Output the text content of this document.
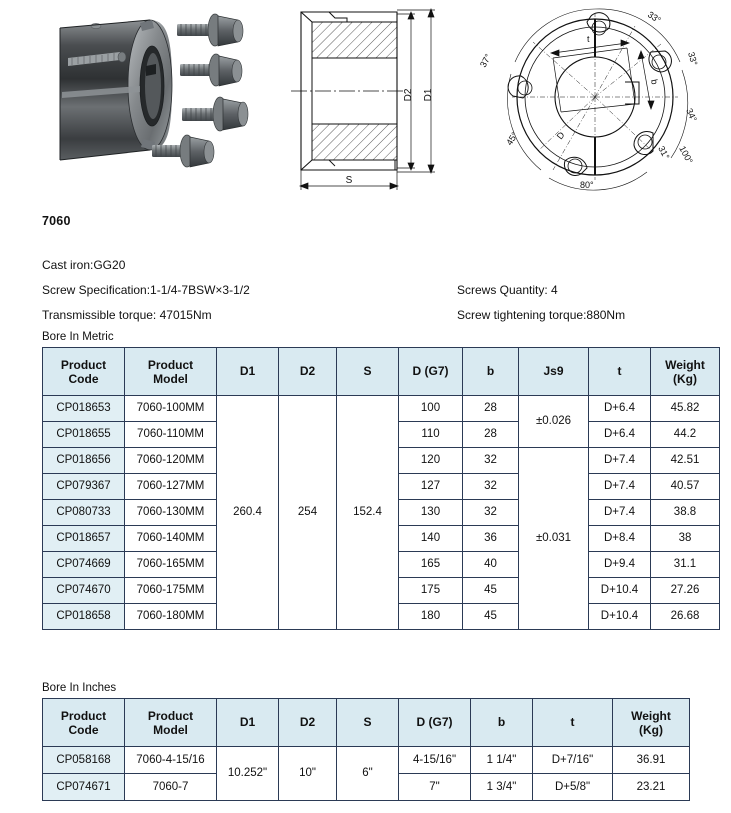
D2 D1
S
t
b
D
33°
33°
34°
31° 100°
80°
45°
37°
7060
Cast iron:GG20
Screw Specification:1-1/4-7BSW×3-1/2	Screws Quantity: 4
Transmissible torque: 47015Nm	Screw tightening torque:880Nm
Bore In Metric
Product
Code	Product
Model	D1	D2	S	D (G7)	b	Js9	t	Weight
(Kg)

CP018653	7060-100MM	260.4	254	152.4	100	28	±0.026	D+6.4	45.82
CP018655	7060-110MM				110	28		D+6.4	44.2
CP018656	7060-120MM				120	32	±0.031	D+7.4	42.51
CP079367	7060-127MM				127	32		D+7.4	40.57
CP080733	7060-130MM				130	32		D+7.4	38.8
CP018657	7060-140MM				140	36		D+8.4	38
CP074669	7060-165MM				165	40		D+9.4	31.1
CP074670	7060-175MM				175	45		D+10.4	27.26
CP018658	7060-180MM				180	45		D+10.4	26.68
Bore In Inches
Product
Code	Product
Model	D1	D2	S	D (G7)	b	t	Weight
(Kg)

CP058168	7060-4-15/16	10.252"	10"	6"	4-15/16"	1 1/4"	D+7/16"	36.91
CP074671	7060-7				7"	1 3/4"	D+5/8"	23.21
